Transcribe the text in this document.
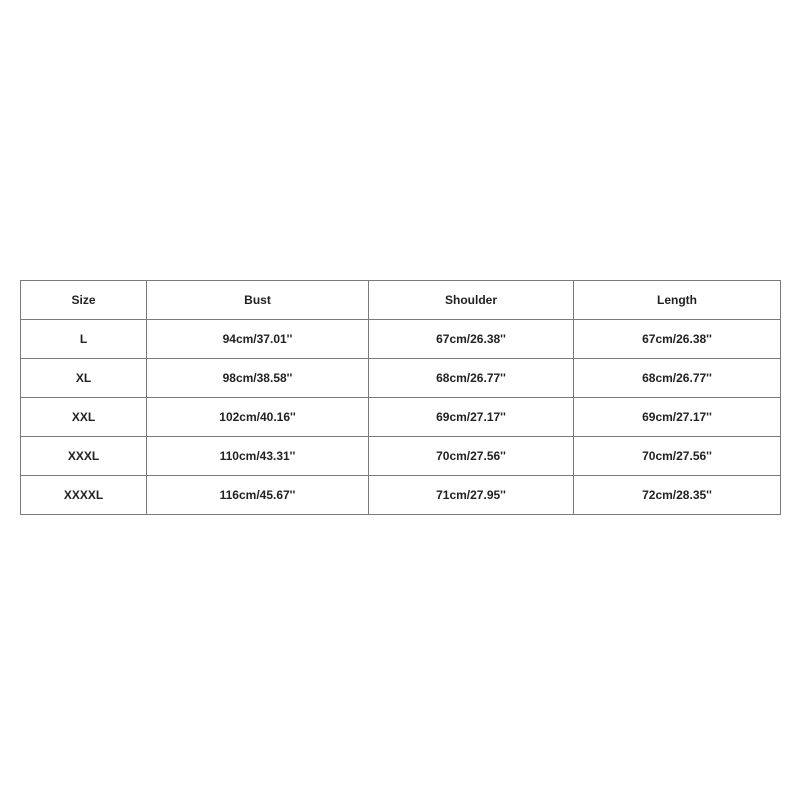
Size	Bust	Shoulder	Length
L	94cm/37.01''	67cm/26.38''	67cm/26.38''
XL	98cm/38.58''	68cm/26.77''	68cm/26.77''
XXL	102cm/40.16''	69cm/27.17''	69cm/27.17''
XXXL	110cm/43.31''	70cm/27.56''	70cm/27.56''
XXXXL	116cm/45.67''	71cm/27.95''	72cm/28.35''
